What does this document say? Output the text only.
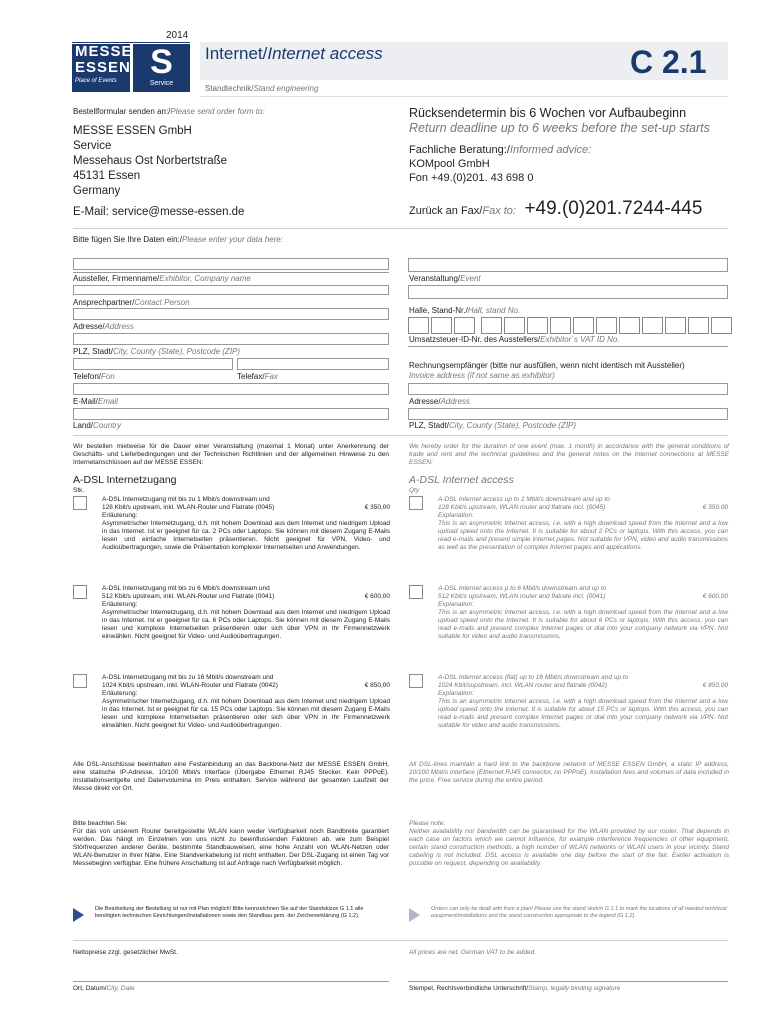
2014
MESSE
ESSEN
Place of Events S
Service
Internet/Internet access	C 2.1
Standtechnik/Stand engineering
Bestellformular senden an:/Please send order form to:
MESSE ESSEN GmbH
Service
Messehaus Ost Norbertstraße
45131 Essen
Germany
E-Mail: service@messe-essen.de
Rücksendetermin bis 6 Wochen vor Aufbaubeginn
Return deadline up to 6 weeks before the set-up starts
Fachliche Beratung:/Informed advice:
KOMpool GmbH
Fon +49.(0)201. 43 698 0
Zurück an Fax/Fax to: +49.(0)201.7244-445
Bitte fügen Sie Ihre Daten ein:/Please enter your data here:
Aussteller, Firmenname/Exhibitor, Company name
Ansprechpartner/Contact Person
Adresse/Address
PLZ, Stadt/City, County (State), Postcode (ZIP)
Telefon/Fon	Telefax/Fax
E-Mail/Email
Land/Country
Veranstaltung/Event
Halle, Stand-Nr./Hall, stand No.
Umsatzsteuer-ID-Nr. des Ausstellers/Exhibitor`s VAT ID No.
Rechnungsempfänger (bitte nur ausfüllen, wenn nicht identisch mit Aussteller)
Invoice address (if not same as exhibitor)
Adresse/Address
PLZ, Stadt/City, County (State), Postcode (ZIP)
Wir bestellen mietweise für die Dauer einer Veranstaltung (maximal 1 Monat) unter Anerkennung der Geschäfts- und Lieferbedingungen und der Technischen Richtlinien und der allgemeinen Hinweise zu den Internetanschlüssen auf der MESSE ESSEN:
We hereby order for the duration of one event (max. 1 month) in accordance with the general conditions of trade and rent and the technical guidelines and the general notes on the Internet connections at MESSE ESSEN:
A-DSL Internetzugang	A-DSL Internet access
Stk.	Qty
A-DSL Internetzugang mit bis zu 1 Mbit/s downstream und
128 Kbit/s upstream, inkl. WLAN-Router und Flatrate (0045)	€ 350,00
Erläuterung:
Asymmetrischer Internetzugang, d.h. mit hohem Download aus dem Internet und niedrigem Upload in das Internet. Ist er geeignet für ca. 2 PCs oder Laptops. Sie können mit diesem Zugang E-Mails lesen und einfache Internetseiten präsentieren. Nicht geeignet für VPN, Video- und Audioübertragungen, sowie die Präsentation komplexer Internetseiten und Anwendungen.
A-DSL Internet access up to 1 Mbit/s downstream and up to
128 Kbit/s upstream, WLAN router and flatrate incl. (0045)	€ 350.00
Explanation:
This is an asymmetric Internet access, i.e. with a high download speed from the Internet and a low upload speed onto the Internet. It is suitable for about 2 PCs or laptops. With this access, you can read e-mails and present simple Internet pages. Not suitable for VPN, video and audio transmissions as well as the presentation of complex Internet pages and applications.
A-DSL Internetzugang mit bis zu 6 Mbit/s downstream und
512 Kbit/s upstream, inkl. WLAN-Router und Flatrate (0041)	€ 600,00
Erläuterung:
Asymmetrischer Internetzugang, d.h. mit hohem Download aus dem Internet und niedrigem Upload in das Internet. Ist er geeignet für ca. 6 PCs oder Laptops. Sie können mit diesem Zugang E-Mails lesen und komplexe Internetseiten präsentieren oder sich über VPN in Ihr Firmennetzwerk einwählen. Nicht geeignet für Video- und Audioübertragungen.
A-DSL Internet access p to 6 Mbit/s downstream and up to
512 Kbit/s upstream, WLAN router and flatrate incl. (0041)	€ 600.00
Explanation:
This is an asymmetric Internet access, i.e. with a high download speed from the Internet and a low upload speed onto the Internet. It is suitable for about 6 PCs or laptops. With this access, you can read e-mails and present complex Internet pages or dial into your company network via VPN. Not suitable for video and audio transmissions.
A-DSL Internetzugang mit bis zu 16 Mbit/s downstream und
1024 Kbit/s upstream, inkl. WLAN-Router und Flatrate (0042)	€ 850,00
Erläuterung:
Asymmetrischer Internetzugang, d.h. mit hohem Download aus dem Internet und niedrigem Upload in das Internet. Ist er geeignet für ca. 15 PCs oder Laptops. Sie können mit diesem Zugang E-Mails lesen und komplexe Internetseiten präsentieren oder sich über VPN in Ihr Firmennetzwerk einwählen. Nicht geeignet für Video- und Audioübertragungen.
A-DSL Internet access (flat) up to 16 Mbit/s downstream and up to
1024 Kbit/supstream, incl. WLAN router and flatrate (0042)	€ 850.00
Explanation:
This is an asymmetric Internet access, i.e. with a high download speed from the Internet and a low upload speed onto the Internet. It is suitable for about 15 PCs or laptops. With this access, you can read e-mails and present complex Internet pages or dial into your company network via VPN. Not suitable for video and audio transmissions.
Alle DSL-Anschlüsse beeinhalten eine Festanbindung an das Backbone-Netz der MESSE ESSEN GmbH, eine statische IP-Adresse, 10/100 Mbit/s Interface (Übergabe Ethernet RJ45 Stecker. Kein PPPoE). Installationsentgelte und Datenvolumina im Preis enthalten. Service während der gesamten Laufzeit der Messe direkt vor Ort.
All DSL-lines maintain a hard link to the backbone network of MESSE ESSEN GmbH, a static IP address, 10/100 Mbit/s interface (Ethernet RJ45 connector, no PPPoE). Installation fees and volumes of data included in the price. Free service during the entire period.
Bitte beachten Sie:
Für das von unserem Router bereitgestellte WLAN kann weder Verfügbarkeit noch Bandbreite garantiert werden. Das hängt im Einzelnen von uns nicht zu beeinflussenden Faktoren ab, wie zum Beispiel Störfrequenzen anderer Geräte, bestimmte Standbauweisen, eine hohe Anzahl von WLAN-Netzen oder WLAN-Benutzer in Ihrer Nähe. Eine Standverkabelung ist nicht enthalten. Der DSL-Zugang ist einen Tag vor Messebeginn verfügbar. Eine frühere Anschaltung ist auf Anfrage nach Verfügbarkeit möglich.
Please note:
Neither availability nor bandwidth can be guaranteed for the WLAN provided by our router. That depends in each case on factors which we cannot influence, for example interference frequencies of other equipment, certain stand construction methods, a high number of WLAN networks or WLAN users in your vicinity. Stand cabeling is not included. DSL access is available one day before the start of the fair. Earlier activation is possible on request, depending on availability.
Die Bearbeitung der Bestellung ist nur mit Plan möglich! Bitte kennzeichnen Sie auf der Standskizze G 1.1 alle benötigten technischen Einrichtungen/Installationen sowie den Standbau gem. der Zeichenerklärung (G 1.2).
Orders can only be dealt with from a plan! Please use the stand sketch G 1.1 to mark the locations of all needed technical equipment/installations and the stand construction appropriate to the legend (G 1.2).
Nettopreise zzgl. gesetzlicher MwSt.	All prices are net. German VAT to be added.
Ort, Datum/City, Date	Stempel, Rechtsverbindliche Unterschrift/Stamp, legally binding signature
